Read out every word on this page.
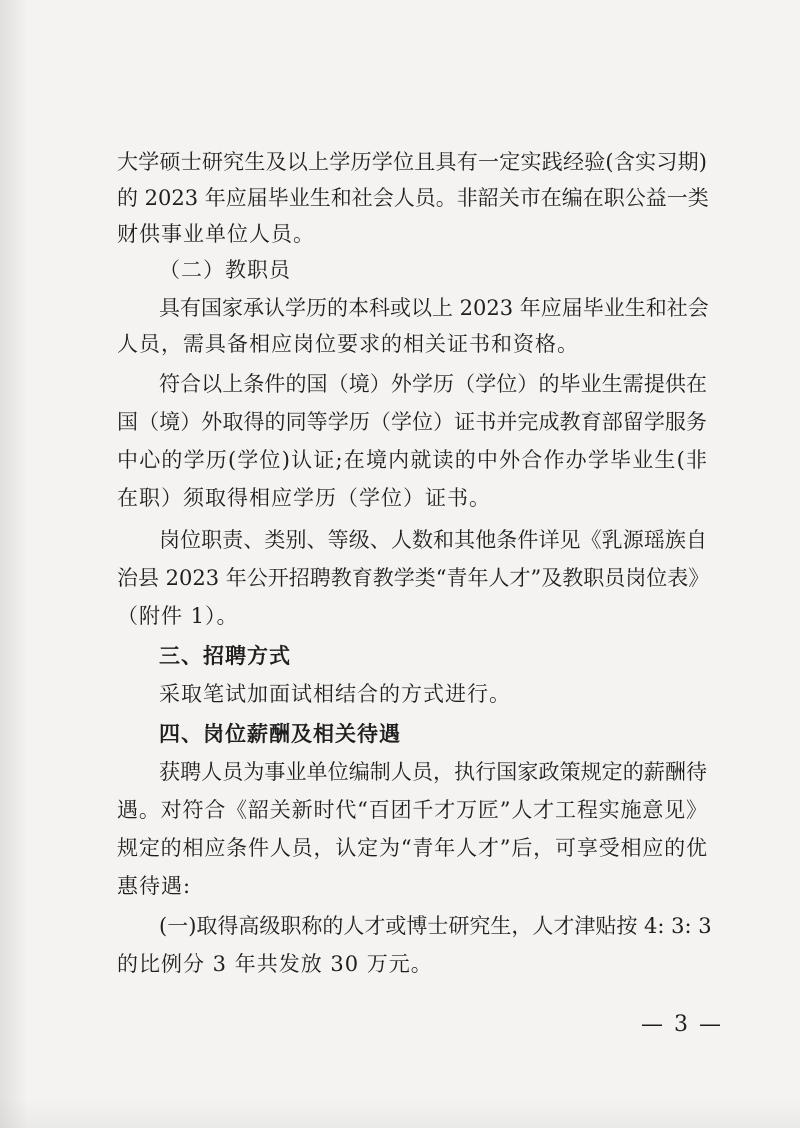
大学硕士研究生及以上学历学位且具有一定实践经验(含实习期)
的 2023 年应届毕业生和社会人员。非韶关市在编在职公益一类
财供事业单位人员。
（二）教职员
具有国家承认学历的本科或以上 2023 年应届毕业生和社会
人员，需具备相应岗位要求的相关证书和资格。
符合以上条件的国（境）外学历（学位）的毕业生需提供在
国（境）外取得的同等学历（学位）证书并完成教育部留学服务
中心的学历(学位)认证;在境内就读的中外合作办学毕业生(非
在职）须取得相应学历（学位）证书。
岗位职责、类别、等级、人数和其他条件详见《乳源瑶族自
治县 2023 年公开招聘教育教学类“青年人才”及教职员岗位表》
（附件 1）。
三、招聘方式
采取笔试加面试相结合的方式进行。
四、岗位薪酬及相关待遇
获聘人员为事业单位编制人员，执行国家政策规定的薪酬待
遇。对符合《韶关新时代“百团千才万匠”人才工程实施意见》
规定的相应条件人员，认定为“青年人才”后，可享受相应的优
惠待遇:
(一)取得高级职称的人才或博士研究生，人才津贴按 4: 3: 3
的比例分 3 年共发放 30 万元。
— 3 —
